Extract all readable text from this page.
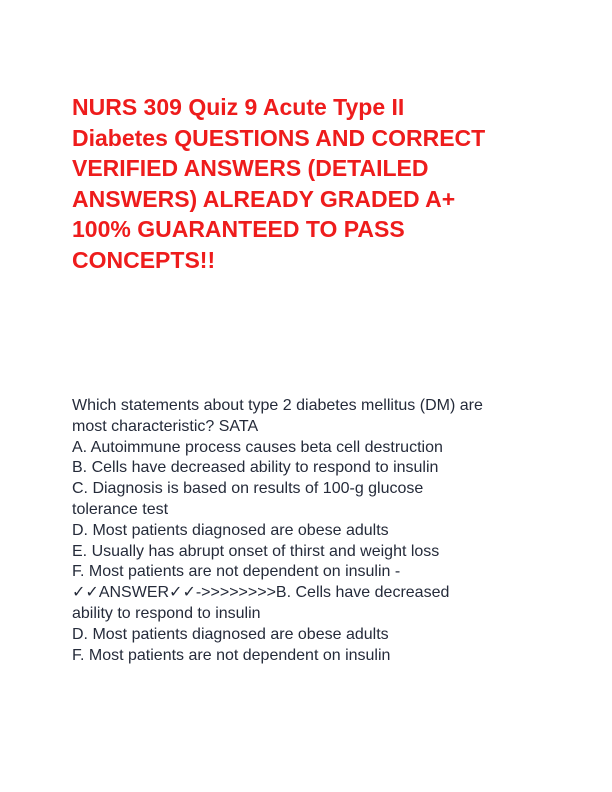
NURS 309 Quiz 9 Acute Type II
Diabetes QUESTIONS AND CORRECT
VERIFIED ANSWERS (DETAILED
ANSWERS) ALREADY GRADED A+
100% GUARANTEED TO PASS
CONCEPTS!!
Which statements about type 2 diabetes mellitus (DM) are
most characteristic? SATA
A. Autoimmune process causes beta cell destruction
B. Cells have decreased ability to respond to insulin
C. Diagnosis is based on results of 100-g glucose
tolerance test
D. Most patients diagnosed are obese adults
E. Usually has abrupt onset of thirst and weight loss
F. Most patients are not dependent on insulin -
✓✓ANSWER✓✓->>>>>>>>B. Cells have decreased
ability to respond to insulin
D. Most patients diagnosed are obese adults
F. Most patients are not dependent on insulin
